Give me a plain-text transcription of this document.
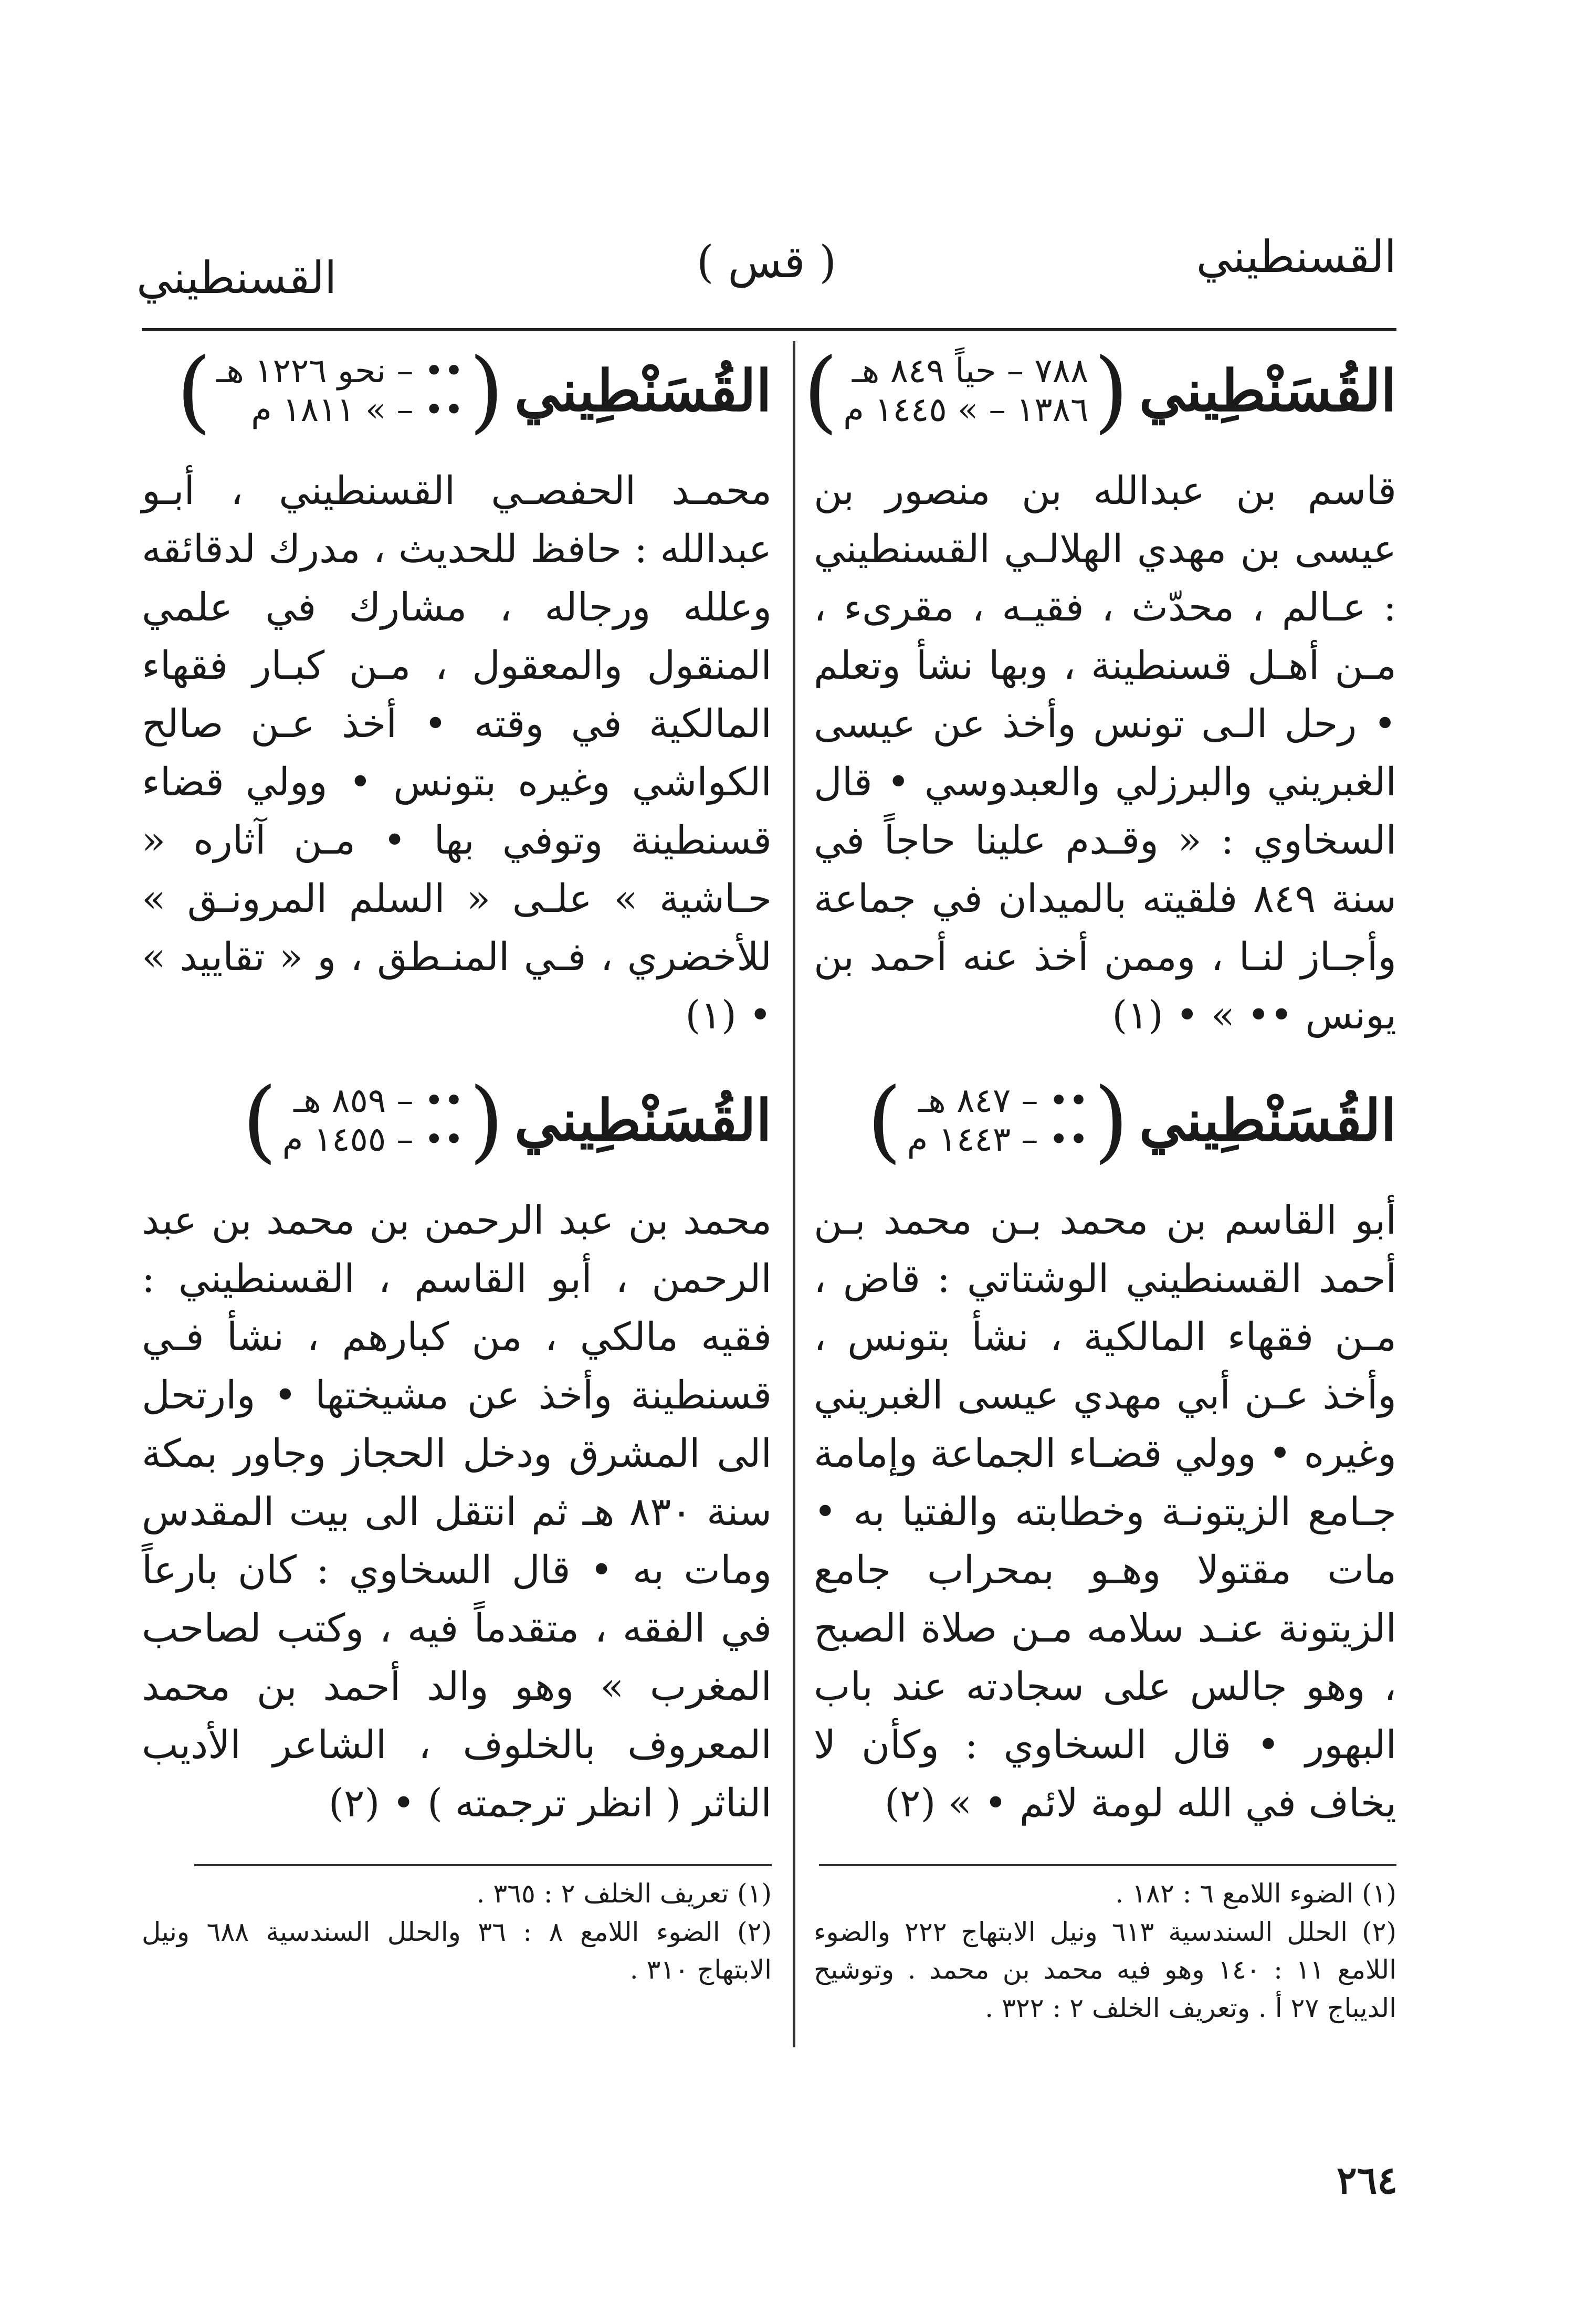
القسنطيني
( قس )
القسنطيني
القُسَنْطِيني
(
٧٨٨ – حياً ٨٤٩ هـ
١٣٨٦ – » ١٤٤٥ م
)

قاسم بن عبدالله بن منصور بن عيسى بن مهدي الهلالـي القسنطيني : عـالم ، محدّث ، فقيـه ، مقرىء ، مـن أهـل قسنطينة ، وبها نشأ وتعلم • رحل الـى تونس وأخذ عن عيسى الغبريني والبرزلي والعبدوسي • قال السخاوي : « وقـدم علينا حاجاً في سنة ٨٤٩ فلقيته بالميدان في جماعة وأجـاز لنـا ، وممن أخذ عنه أحمد بن يونس •• » • (١)

القُسَنْطِيني
(
•• – ٨٤٧ هـ
•• – ١٤٤٣ م
)

أبو القاسم بن محمد بـن محمد بـن أحمد القسنطيني الوشتاتي : قاض ، مـن فقهاء المالكية ، نشأ بتونس ، وأخذ عـن أبي مهدي عيسى الغبريني وغيره • وولي قضـاء الجماعة وإمامة جـامع الزيتونـة وخطابته والفتيا به • مات مقتولا وهـو بمحراب جامع الزيتونة عنـد سلامه مـن صلاة الصبح ، وهو جالس على سجادته عند باب البهور • قال السخاوي : وكأن لا يخاف في الله لومة لائم • » (٢)

(١) الضوء اللامع ٦ : ١٨٢ .

(٢) الحلل السندسية ٦١٣ ونيل الابتهاج ٢٢٢ والضوء اللامع ١١ : ١٤٠ وهو فيه محمد بن محمد . وتوشيح الديباج ٢٧ أ . وتعريف الخلف ٢ : ٣٢٢ .

القُسَنْطِيني
(
•• – نحو ١٢٢٦ هـ
•• – » ١٨١١ م
)

محمـد الحفصـي القسنطيني ، أبـو عبدالله : حافظ للحديث ، مدرك لدقائقه وعلله ورجاله ، مشارك في علمي المنقول والمعقول ، مـن كبـار فقهاء المالكية في وقته • أخذ عـن صالح الكواشي وغيره بتونس • وولي قضاء قسنطينة وتوفي بها • مـن آثاره « حـاشية » علـى « السلم المرونـق » للأخضري ، فـي المنـطق ، و « تقاييد » • (١)

القُسَنْطِيني
(
•• – ٨٥٩ هـ
•• – ١٤٥٥ م
)

محمد بن عبد الرحمن بن محمد بن عبد الرحمن ، أبو القاسم ، القسنطيني : فقيه مالكي ، من كبارهم ، نشأ فـي قسنطينة وأخذ عن مشيختها • وارتحل الى المشرق ودخل الحجاز وجاور بمكة سنة ٨٣٠ هـ ثم انتقل الى بيت المقدس ومات به • قال السخاوي : كان بارعاً في الفقه ، متقدماً فيه ، وكتب لصاحب المغرب » وهو والد أحمد بن محمد المعروف بالخلوف ، الشاعر الأديب الناثر ( انظر ترجمته ) • (٢)

(١) تعريف الخلف ٢ : ٣٦٥ .

(٢) الضوء اللامع ٨ : ٣٦ والحلل السندسية ٦٨٨ ونيل الابتهاج ٣١٠ .

٢٦٤
